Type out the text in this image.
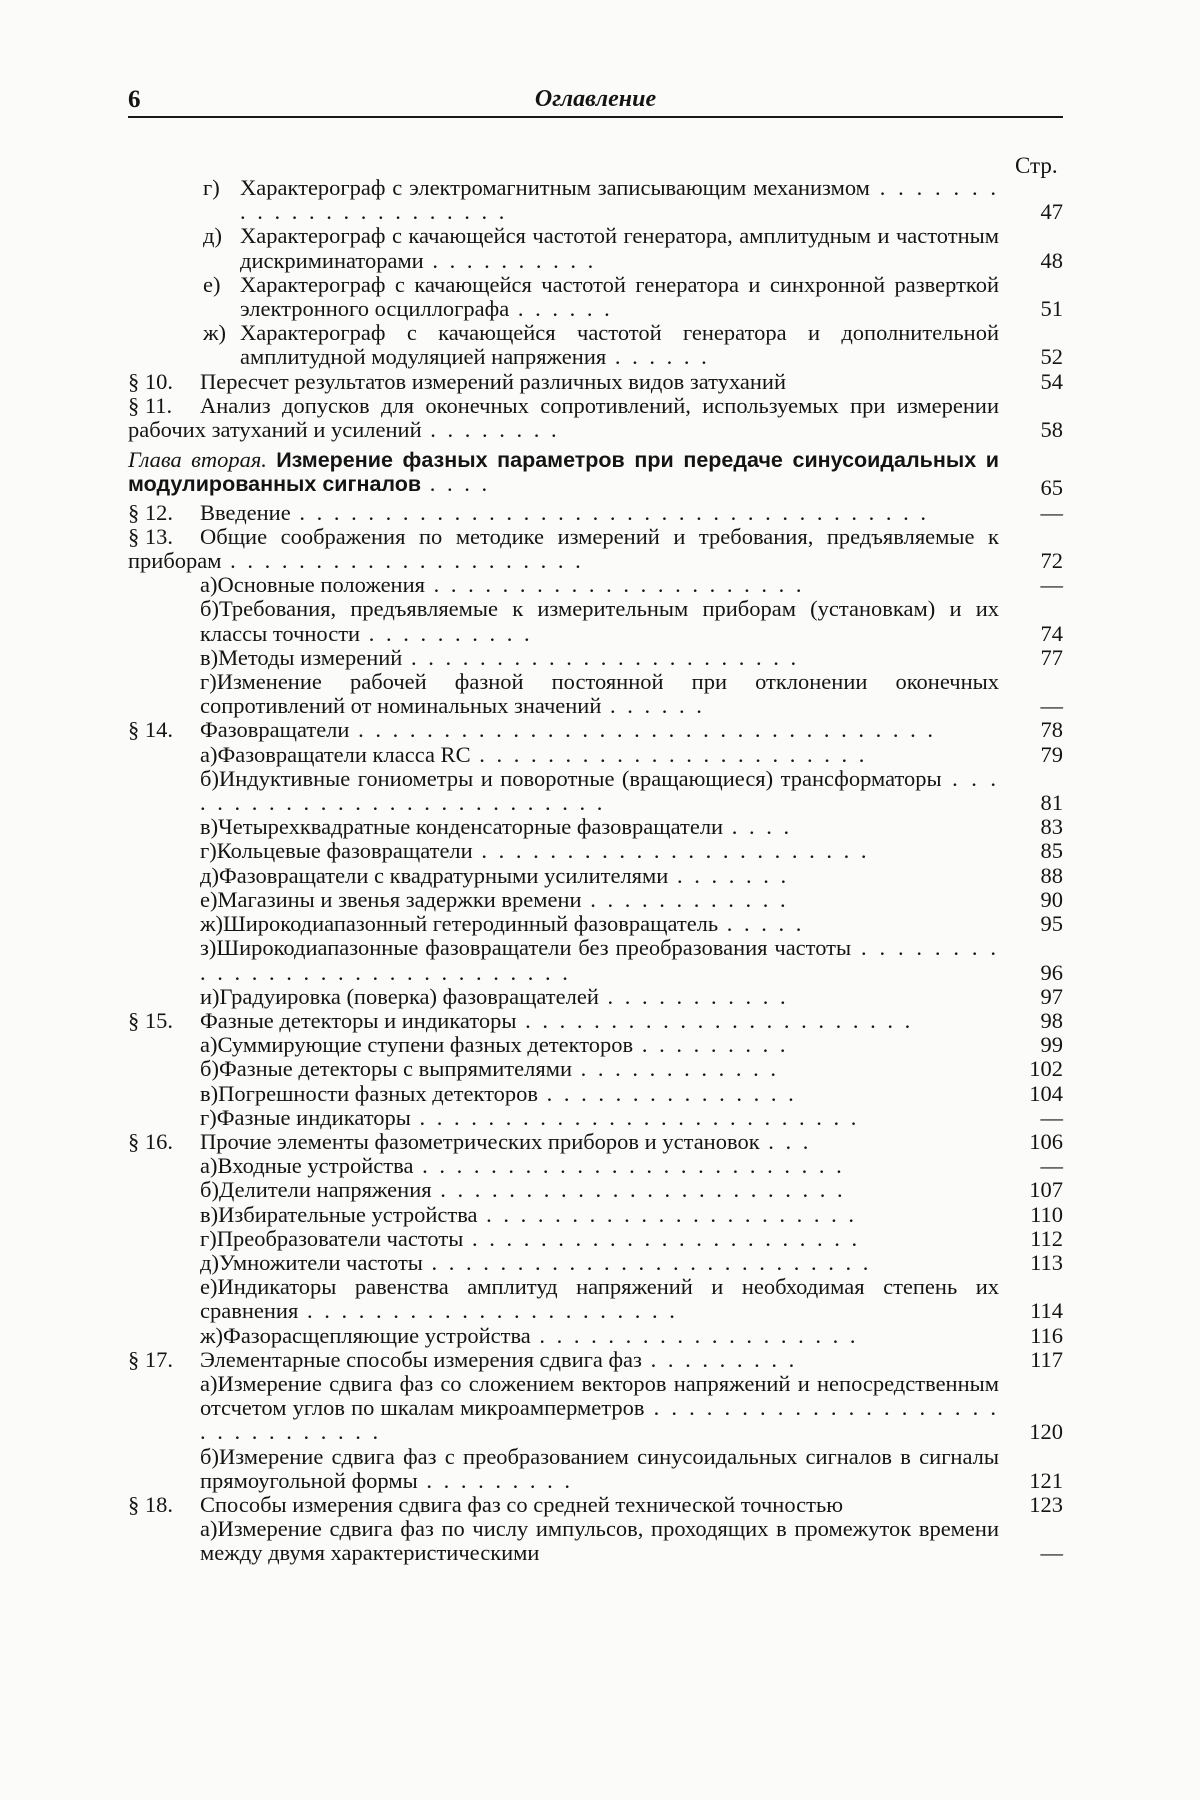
6	Оглавление
Стр.
г) Характерограф с электромагнитным записывающим механизмом . . . . . . . . . . . . . . . . . . . . . . .	47
д) Характерограф с качающейся частотой генератора, амплитудным и частотным дискриминаторами . . . . . . . . . .	48
е) Характерограф с качающейся частотой генератора и синхронной разверткой электронного осциллографа . . . . . .	51
ж) Характерограф с качающейся частотой генератора и дополнительной амплитудной модуляцией напряжения . . . . . .	52
§ 10. Пересчет результатов измерений различных видов затуханий	54
§ 11. Анализ допусков для оконечных сопротивлений, используемых при измерении рабочих затуханий и усилений . . . . . . . .	58
Глава вторая. Измерение фазных параметров при передаче синусоидальных и модулированных сигналов . . . .	65
§ 12. Введение . . . . . . . . . . . . . . . . . . . . . . . . . . . . . . . . . . . . .	—
§ 13. Общие соображения по методике измерений и требования, предъявляемые к приборам . . . . . . . . . . . . . . . . . . . . .	72
а)Основные положения . . . . . . . . . . . . . . . . . . . . . .	—
б)Требования, предъявляемые к измерительным приборам (установкам) и их классы точности . . . . . . . . . .	74
в)Методы измерений . . . . . . . . . . . . . . . . . . . . . . .	77
г)Изменение рабочей фазной постоянной при отклонении оконечных сопротивлений от номинальных значений . . . . . .	—
§ 14. Фазовращатели . . . . . . . . . . . . . . . . . . . . . . . . . . . . . . . . . .	78
а)Фазовращатели класса RC . . . . . . . . . . . . . . . . . . . . . . .	79
б)Индуктивные гониометры и поворотные (вращающиеся) трансформаторы . . . . . . . . . . . . . . . . . . . . . . . . . . .	81
в)Четырехквадратные конденсаторные фазовращатели . . . .	83
г)Кольцевые фазовращатели . . . . . . . . . . . . . . . . . . . . . . .	85
д)Фазовращатели с квадратурными усилителями . . . . . . .	88
е)Магазины и звенья задержки времени . . . . . . . . . . . .	90
ж)Широкодиапазонный гетеродинный фазовращатель . . . . .	95
з)Широкодиапазонные фазовращатели без преобразования частоты . . . . . . . . . . . . . . . . . . . . . . . . . . . . . .	96
и)Градуировка (поверка) фазовращателей . . . . . . . . . . .	97
§ 15. Фазные детекторы и индикаторы . . . . . . . . . . . . . . . . . . . . . . .	98
а)Суммирующие ступени фазных детекторов . . . . . . . . .	99
б)Фазные детекторы с выпрямителями . . . . . . . . . . . .	102
в)Погрешности фазных детекторов . . . . . . . . . . . . . . .	104
г)Фазные индикаторы . . . . . . . . . . . . . . . . . . . . . . . . . .	—
§ 16. Прочие элементы фазометрических приборов и установок . . .	106
а)Входные устройства . . . . . . . . . . . . . . . . . . . . . . . . .	—
б)Делители напряжения . . . . . . . . . . . . . . . . . . . . . . . .	107
в)Избирательные устройства . . . . . . . . . . . . . . . . . . . . . .	110
г)Преобразователи частоты . . . . . . . . . . . . . . . . . . . . . . .	112
д)Умножители частоты . . . . . . . . . . . . . . . . . . . . . . . . . .	113
е)Индикаторы равенства амплитуд напряжений и необходимая степень их сравнения . . . . . . . . . . . . . . . . . . . . . .	114
ж)Фазорасщепляющие устройства . . . . . . . . . . . . . . . . . . .	116
§ 17. Элементарные способы измерения сдвига фаз . . . . . . . . .	117
а)Измерение сдвига фаз со сложением векторов напряжений и непосредственным отсчетом углов по шкалам микроамперметров . . . . . . . . . . . . . . . . . . . . . . . . . . . . . . .	120
б)Измерение сдвига фаз с преобразованием синусоидальных сигналов в сигналы прямоугольной формы . . . . . . . . .	121
§ 18. Способы измерения сдвига фаз со средней технической точностью	123
а)Измерение сдвига фаз по числу импульсов, проходящих в промежуток времени между двумя характеристическими	—
